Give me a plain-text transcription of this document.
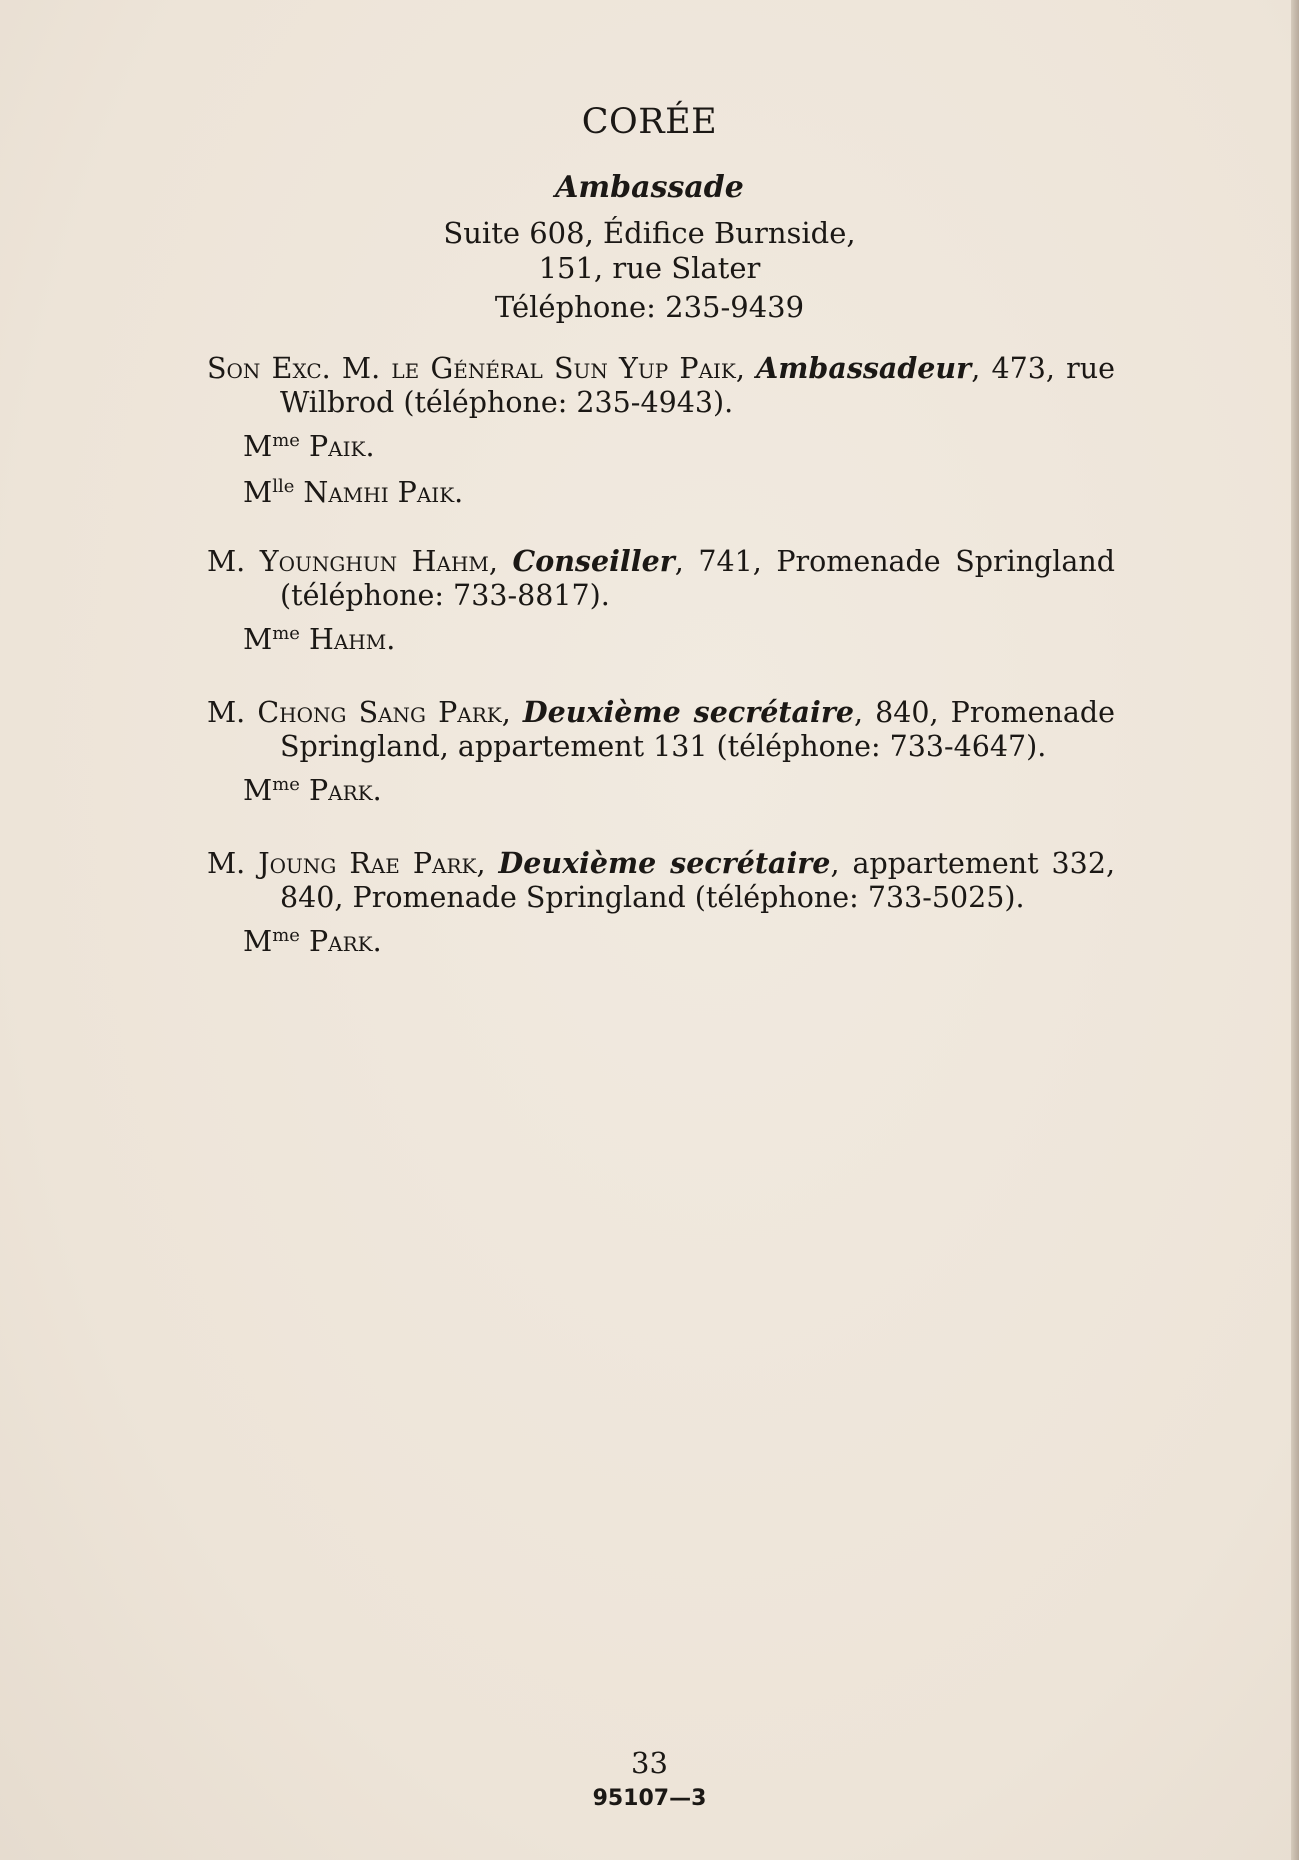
CORÉE
Ambassade
Suite 608, Édifice Burnside,
151, rue Slater
Téléphone: 235-9439

Son Exc. M. le Général Sun Yup Paik, Ambassadeur, 473, rue Wilbrod (téléphone: 235-4943).

$M^{me}$ Paik.

$M^{lle}$ Namhi Paik.

M. Younghun Hahm, Conseiller, 741, Promenade Springland (téléphone: 733-8817).

$M^{me}$ Hahm.

M. Chong Sang Park, Deuxième secrétaire, 840, Promenade Springland, appartement 131 (téléphone: 733-4647).

$M^{me}$ Park.

M. Joung Rae Park, Deuxième secrétaire, appartement 332, 840, Promenade Springland (téléphone: 733-5025).

$M^{me}$ Park.

33
95107—3
